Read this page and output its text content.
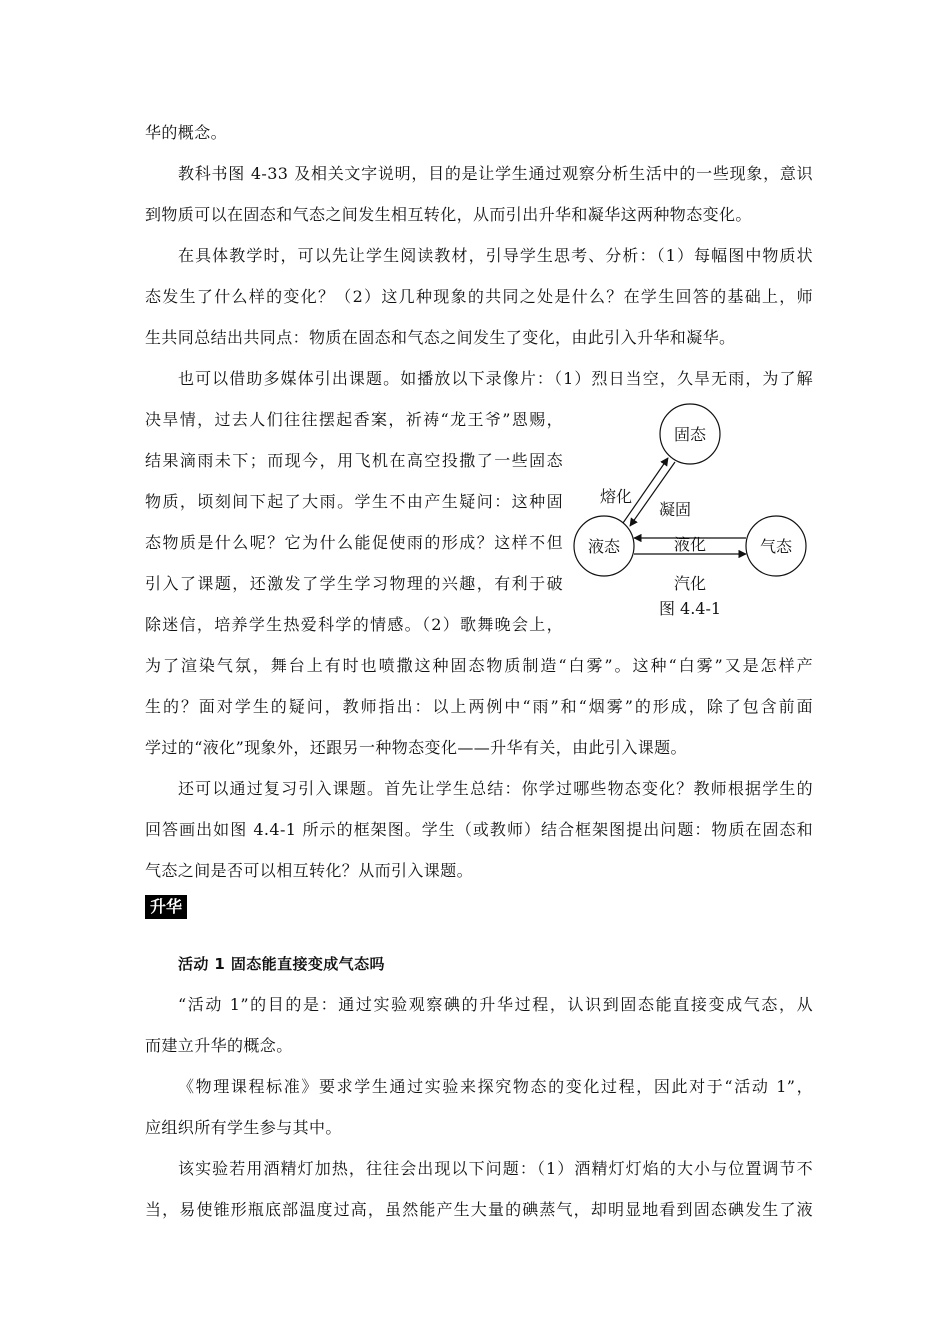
华的概念。

教科书图 4-33 及相关文字说明，目的是让学生通过观察分析生活中的一些现象，意识

到物质可以在固态和气态之间发生相互转化，从而引出升华和凝华这两种物态变化。

在具体教学时，可以先让学生阅读教材，引导学生思考、分析：（1）每幅图中物质状

态发生了什么样的变化？（2）这几种现象的共同之处是什么？在学生回答的基础上，师

生共同总结出共同点：物质在固态和气态之间发生了变化，由此引入升华和凝华。

也可以借助多媒体引出课题。如播放以下录像片：（1）烈日当空，久旱无雨，为了解

决旱情，过去人们往往摆起香案，祈祷“龙王爷”恩赐，

结果滴雨未下；而现今，用飞机在高空投撒了一些固态

物质，顷刻间下起了大雨。学生不由产生疑问：这种固

态物质是什么呢？它为什么能促使雨的形成？这样不但

引入了课题，还激发了学生学习物理的兴趣，有利于破

除迷信，培养学生热爱科学的情感。（2）歌舞晚会上，

为了渲染气氛，舞台上有时也喷撒这种固态物质制造“白雾”。这种“白雾”又是怎样产

生的？面对学生的疑问，教师指出：以上两例中“雨”和“烟雾”的形成，除了包含前面

学过的“液化”现象外，还跟另一种物态变化——升华有关，由此引入课题。

还可以通过复习引入课题。首先让学生总结：你学过哪些物态变化？教师根据学生的

回答画出如图 4.4-1 所示的框架图。学生（或教师）结合框架图提出问题：物质在固态和

气态之间是否可以相互转化？从而引入课题。

升华

活动 1 固态能直接变成气态吗

“活动 1”的目的是：通过实验观察碘的升华过程，认识到固态能直接变成气态，从

而建立升华的概念。

《物理课程标准》要求学生通过实验来探究物态的变化过程，因此对于“活动 1”，

应组织所有学生参与其中。

该实验若用酒精灯加热，往往会出现以下问题：（1）酒精灯灯焰的大小与位置调节不

当，易使锥形瓶底部温度过高，虽然能产生大量的碘蒸气，却明显地看到固态碘发生了液

固态
液态	气态
熔化
凝固
液化
汽化
图 4.4-1
